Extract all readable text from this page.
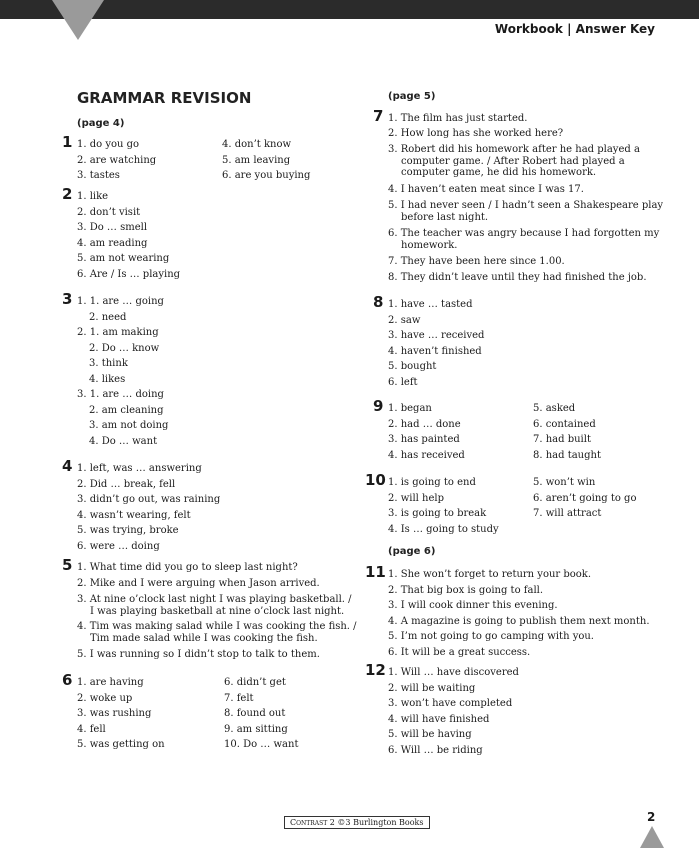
Workbook | Answer Key
GRAMMAR REVISION
(page 4)
(page 5)
(page 6)
1 1. do you go
2. are watching
3. tastes
4. don’t know
5. am leaving
6. are you buying
2 1. like
2. don’t visit
3. Do … smell
4. am reading
5. am not wearing
6. Are / Is … playing
3 1. 1. are … going
2. need
2. 1. am making
2. Do … know
3. think
4. likes
3. 1. are … doing
2. am cleaning
3. am not doing
4. Do … want
4 1. left, was … answering
2. Did … break, fell
3. didn’t go out, was raining
4. wasn’t wearing, felt
5. was trying, broke
6. were … doing
5 1. What time did you go to sleep last night?
2. Mike and I were arguing when Jason arrived.
3. At nine o’clock last night I was playing basketball. / I was playing basketball at nine o’clock last night.
4. Tim was making salad while I was cooking the fish. / Tim made salad while I was cooking the fish.
5. I was running so I didn’t stop to talk to them.
6 1. are having
2. woke up
3. was rushing
4. fell
5. was getting on
6. didn’t get
7. felt
8. found out
9. am sitting
10. Do … want
7 1. The film has just started.
2. How long has she worked here?
3. Robert did his homework after he had played a computer game. / After Robert had played a computer game, he did his homework.
4. I haven’t eaten meat since I was 17.
5. I had never seen / I hadn’t seen a Shakespeare play before last night.
6. The teacher was angry because I had forgotten my homework.
7. They have been here since 1.00.
8. They didn’t leave until they had finished the job.
8 1. have … tasted
2. saw
3. have … received
4. haven’t finished
5. bought
6. left
9 1. began
2. had … done
3. has painted
4. has received
5. asked
6. contained
7. had built
8. had taught
10 1. is going to end
2. will help
3. is going to break
4. Is … going to study
5. won’t win
6. aren’t going to go
7. will attract
11 1. She won’t forget to return your book.
2. That big box is going to fall.
3. I will cook dinner this evening.
4. A magazine is going to publish them next month.
5. I’m not going to go camping with you.
6. It will be a great success.
12 1. Will … have discovered
2. will be waiting
3. won’t have completed
4. will have finished
5. will be having
6. Will … be riding
Contrast 2 ©3 Burlington Books	2
